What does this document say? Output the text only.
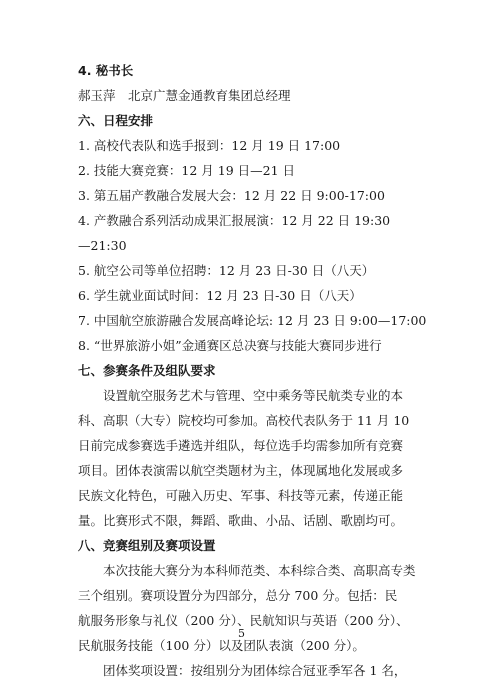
4. 秘书长
郝玉萍　北京广慧金通教育集团总经理
六、日程安排
1. 高校代表队和选手报到：12 月 19 日 17:00
2. 技能大赛竞赛：12 月 19 日—21 日
3. 第五届产教融合发展大会：12 月 22 日 9:00-17:00
4. 产教融合系列活动成果汇报展演：12 月 22 日 19:30
—21:30
5. 航空公司等单位招聘：12 月 23 日-30 日（八天）
6. 学生就业面试时间：12 月 23 日-30 日（八天）
7. 中国航空旅游融合发展高峰论坛: 12 月 23 日 9:00—17:00
8. “世界旅游小姐”金通赛区总决赛与技能大赛同步进行
七、参赛条件及组队要求
设置航空服务艺术与管理、空中乘务等民航类专业的本
科、高职（大专）院校均可参加。高校代表队务于 11 月 10
日前完成参赛选手遴选并组队，每位选手均需参加所有竞赛
项目。团体表演需以航空类题材为主，体现属地化发展或多
民族文化特色，可融入历史、军事、科技等元素，传递正能
量。比赛形式不限，舞蹈、歌曲、小品、话剧、歌剧均可。
八、竞赛组别及赛项设置
本次技能大赛分为本科师范类、本科综合类、高职高专类
三个组别。赛项设置分为四部分，总分 700 分。包括：民
航服务形象与礼仪（200 分）、民航知识与英语（200 分）、
民航服务技能（100 分）以及团队表演（200 分）。
团体奖项设置：按组别分为团体综合冠亚季军各 1 名，
5
